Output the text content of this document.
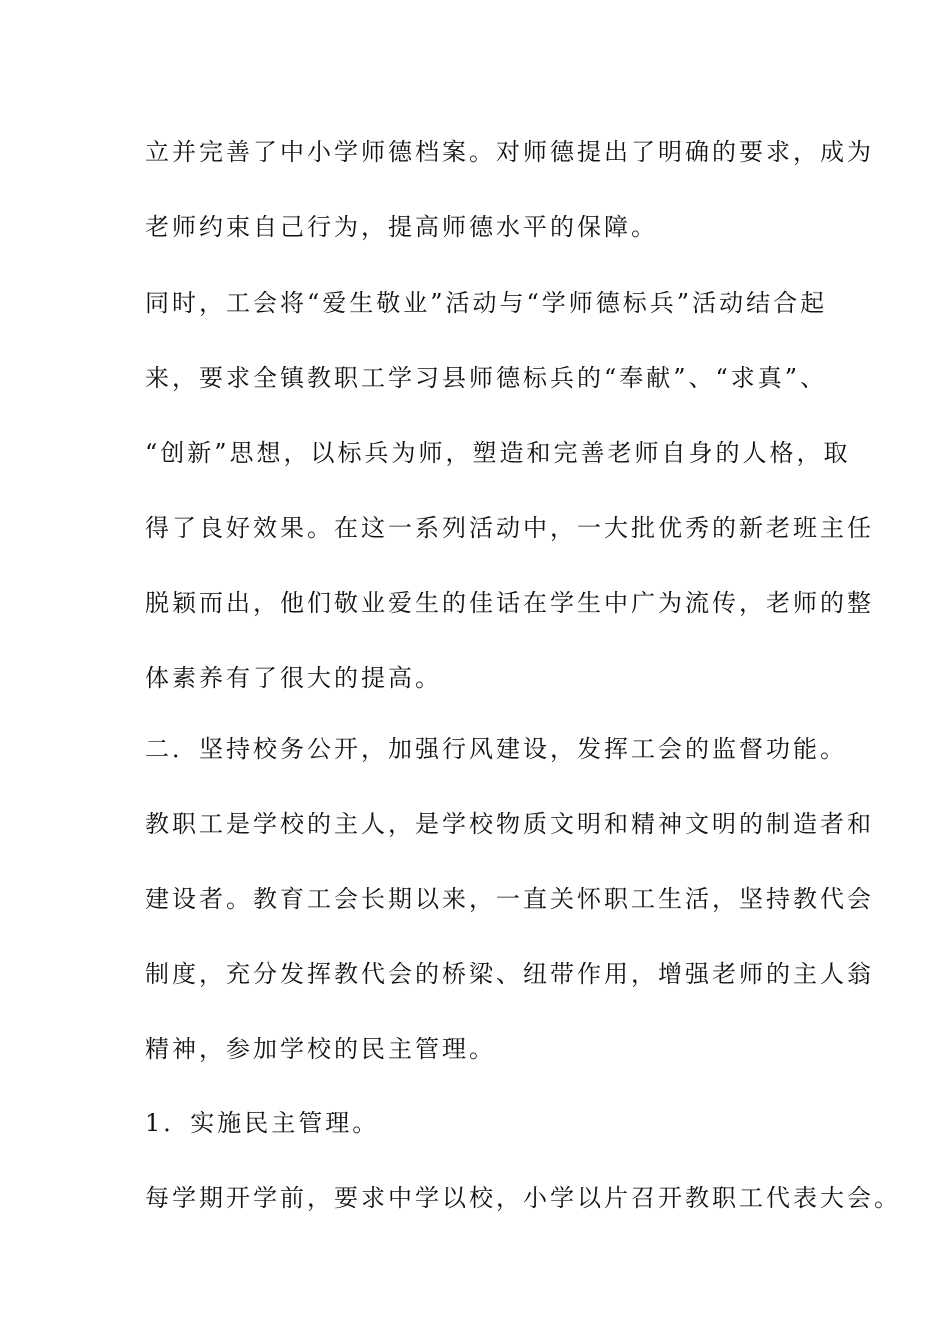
立并完善了中小学师德档案。对师德提出了明确的要求，成为
老师约束自己行为，提高师德水平的保障。
同时，工会将“爱生敬业”活动与“学师德标兵”活动结合起
来，要求全镇教职工学习县师德标兵的“奉献”、“求真”、
“创新”思想，以标兵为师，塑造和完善老师自身的人格，取
得了良好效果。在这一系列活动中，一大批优秀的新老班主任
脱颖而出，他们敬业爱生的佳话在学生中广为流传，老师的整
体素养有了很大的提高。
二．坚持校务公开，加强行风建设，发挥工会的监督功能。
教职工是学校的主人，是学校物质文明和精神文明的制造者和
建设者。教育工会长期以来，一直关怀职工生活，坚持教代会
制度，充分发挥教代会的桥梁、纽带作用，增强老师的主人翁
精神，参加学校的民主管理。
1．实施民主管理。
每学期开学前，要求中学以校，小学以片召开教职工代表大会。
